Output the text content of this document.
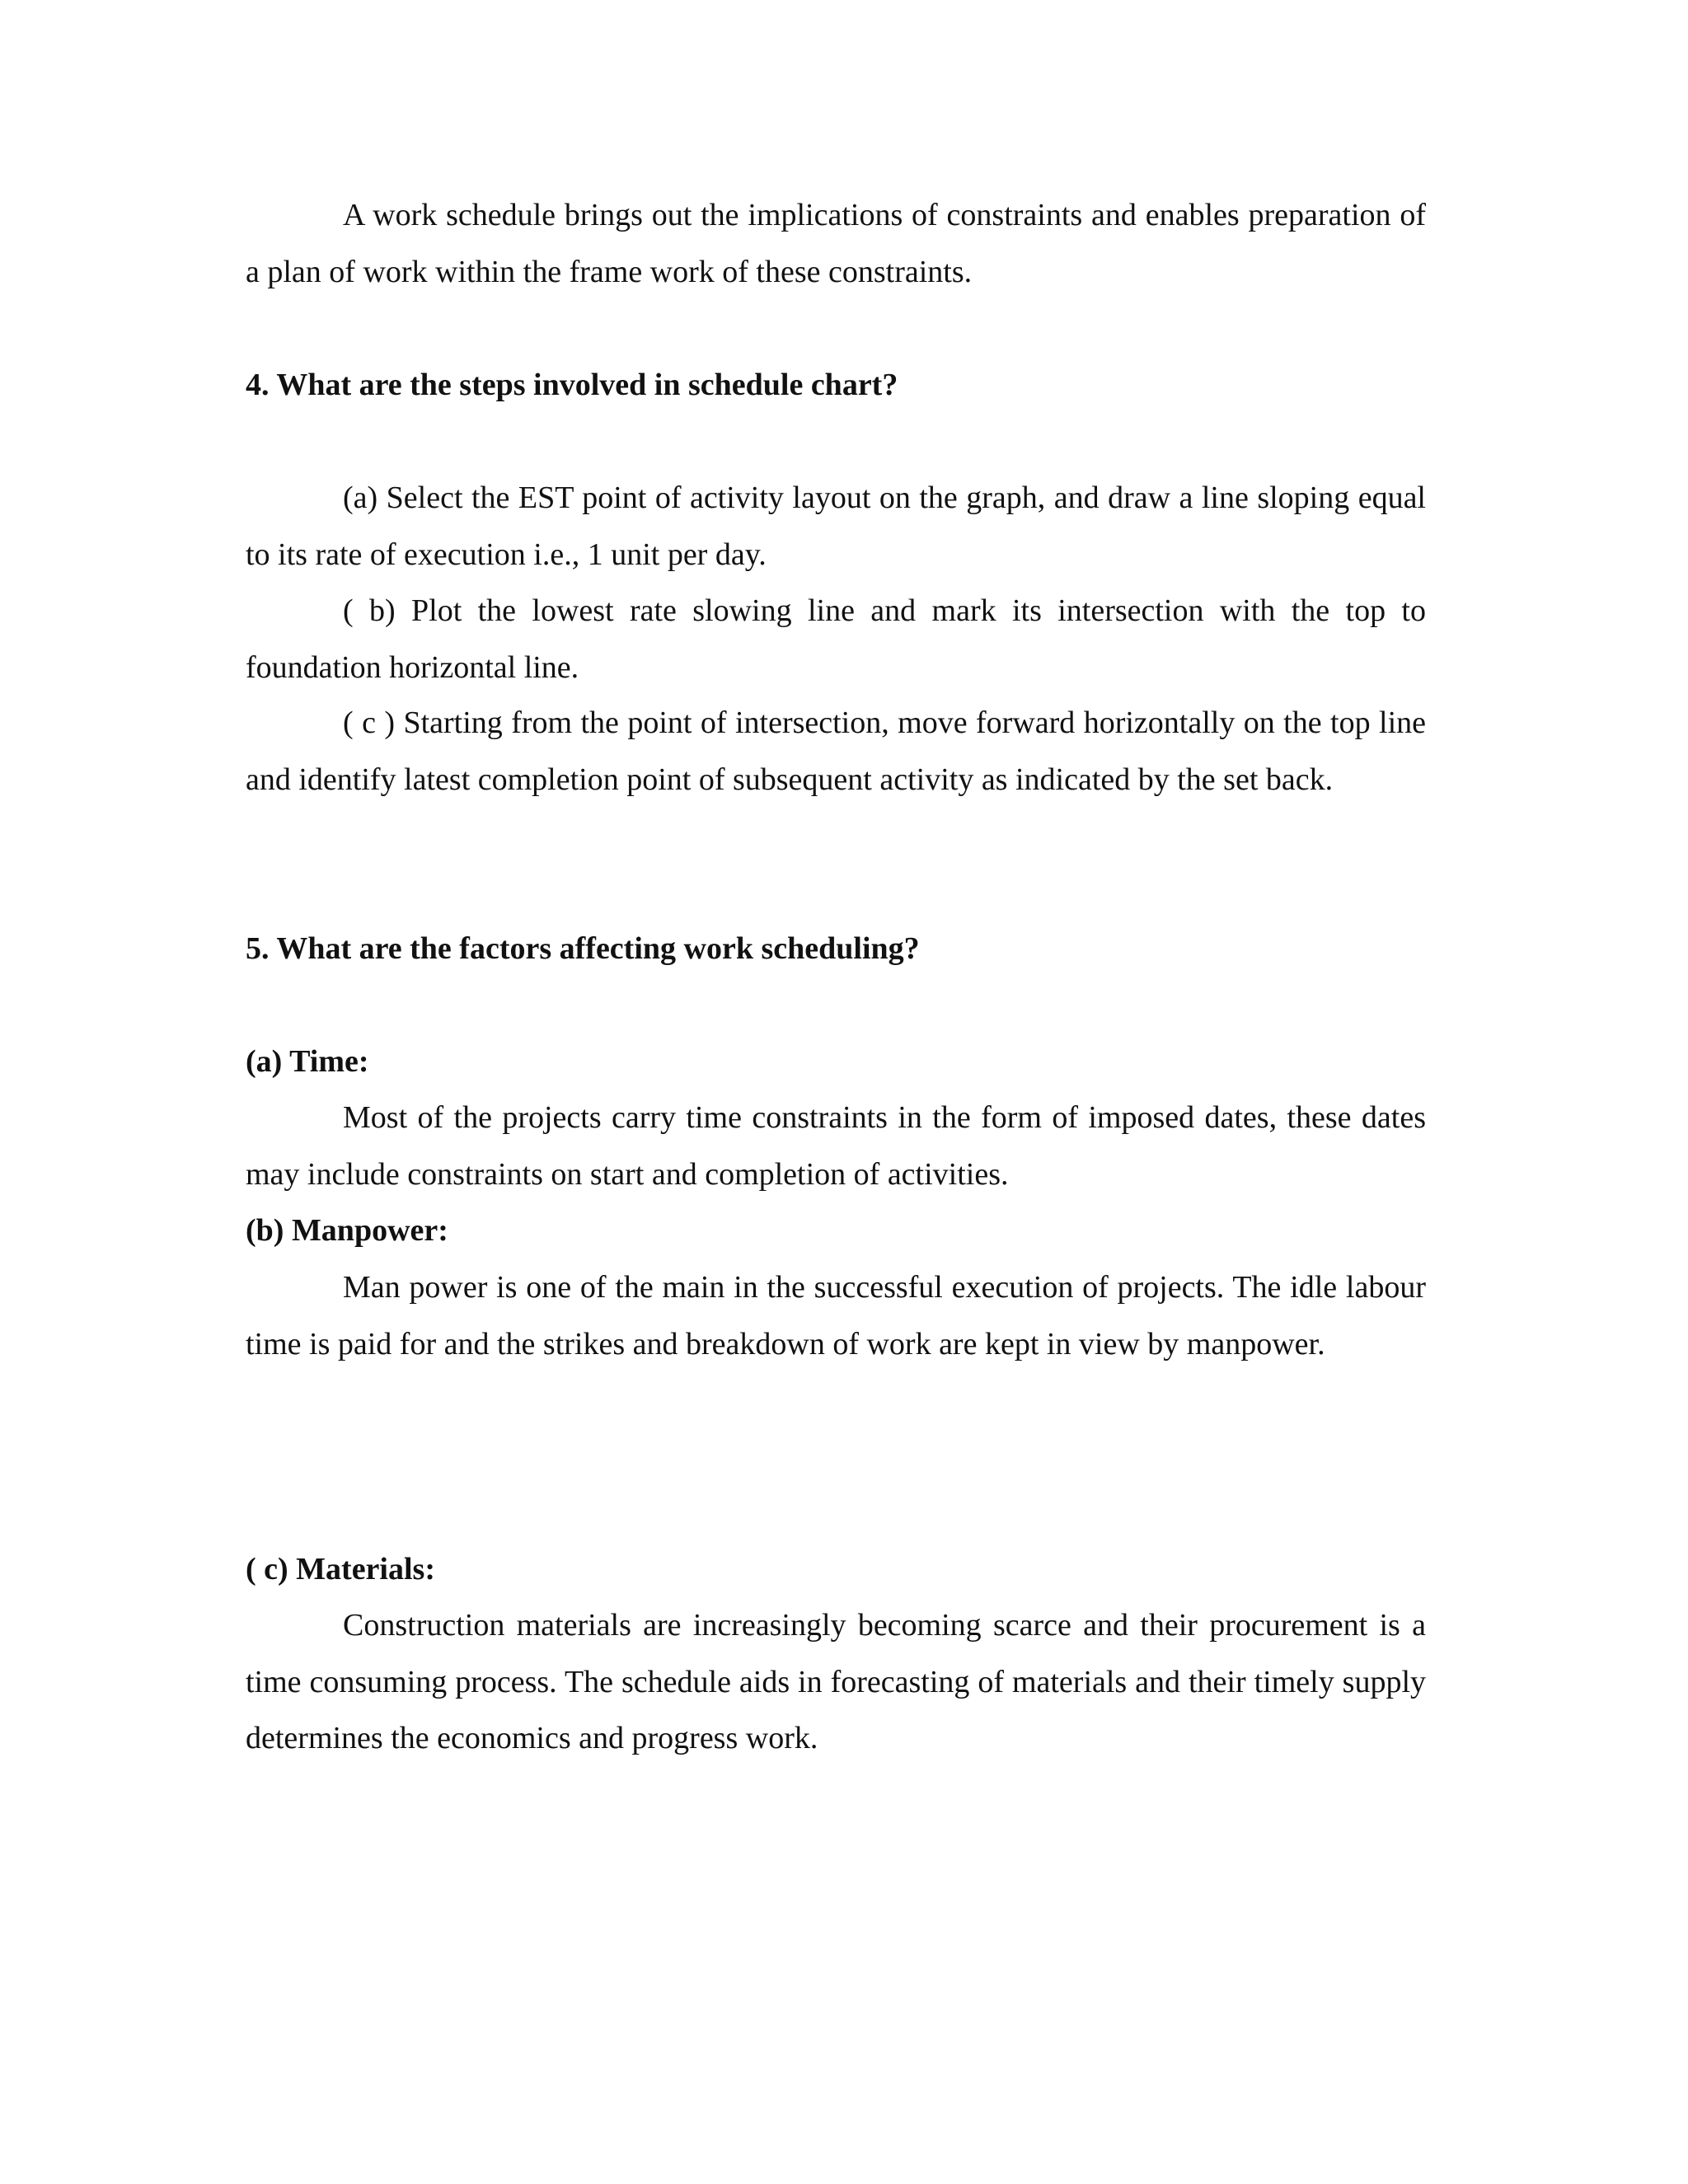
A work schedule brings out the implications of constraints and enables preparation of a plan of work within the frame work of these constraints.

4. What are the steps involved in schedule chart?

(a) Select the EST point of activity layout on the graph, and draw a line sloping equal to its rate of execution i.e., 1 unit per day.

( b) Plot the lowest rate slowing line and mark its intersection with the top to foundation horizontal line.

( c ) Starting from the point of intersection, move forward horizontally on the top line and identify latest completion point of subsequent activity as indicated by the set back.

5. What are the factors affecting work scheduling?

(a) Time:

Most of the projects carry time constraints in the form of imposed dates, these dates may include constraints on start and completion of activities.

(b) Manpower:

Man power is one of the main in the successful execution of projects. The idle labour time is paid for and the strikes and breakdown of work are kept in view by manpower.

( c) Materials:

Construction materials are increasingly becoming scarce and their procurement is a time consuming process. The schedule aids in forecasting of materials and their timely supply determines the economics and progress work.
